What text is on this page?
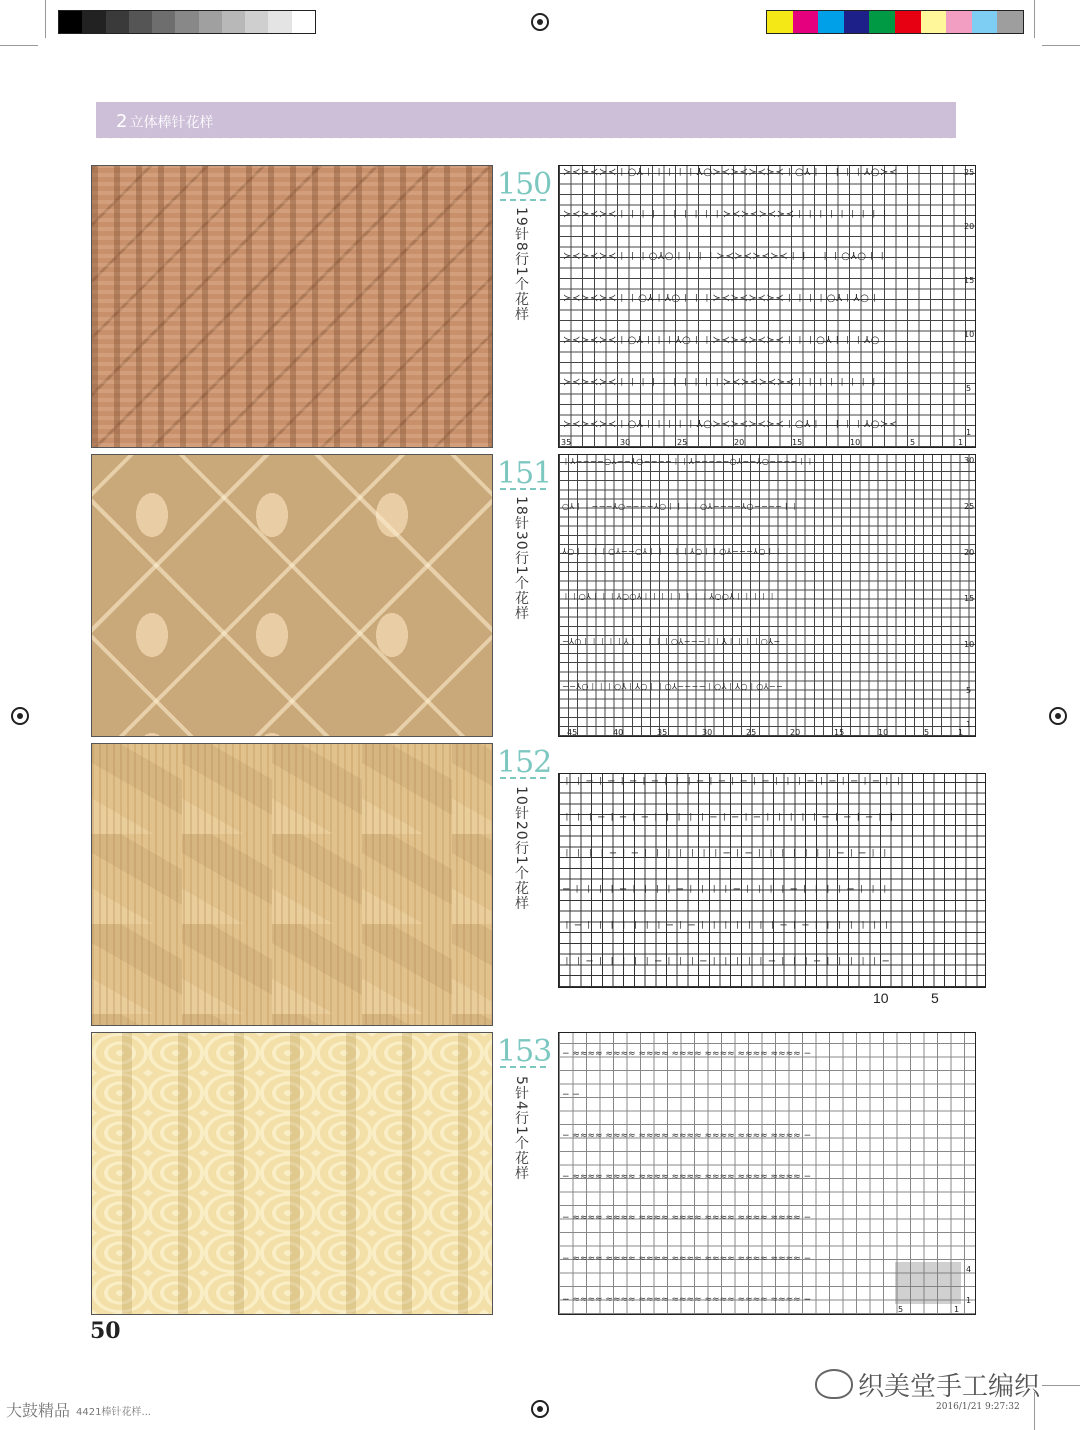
2 立体棒针花样
150
19针8行1个花样
≻≺≻≺≻≺丨○⅄丨丨丨丨丨⅄○≻≺≻≺≻≺≻≺丨○⅄丨丨丨丨丨⅄○≻≺
≻≺≻≺≻≺丨丨丨丨丨丨丨丨丨丨≻≺≻≺≻≺≻≺丨丨丨丨丨丨丨丨丨
≻≺≻≺≻≺丨丨丨○⅄○丨丨丨丨≻≺≻≺≻≺≻≺丨丨丨丨丨○⅄○丨丨
≻≺≻≺≻≺丨丨○⅄丨⅄○丨丨丨≻≺≻≺≻≺≻≺丨丨丨丨○⅄丨⅄○丨
≻≺≻≺≻≺丨○⅄丨丨丨⅄○丨丨≻≺≻≺≻≺≻≺丨丨丨○⅄丨丨丨⅄○
≻≺≻≺≻≺丨丨丨丨丨丨丨丨丨丨≻≺≻≺≻≺≻≺丨丨丨丨丨丨丨丨丨
≻≺≻≺≻≺丨○⅄丨丨丨丨丨⅄○≻≺≻≺≻≺≻≺丨○⅄丨丨丨丨丨⅄○≻≺
35	30	25	20	15	10	5	1
25
20
15
10
5
1
151
18针30行1个花样
丨⅄−−−−○⅄−−⅄○−−−−丨丨⅄−−−−−○⅄−−⅄○−−−−丨丨
○⅄丨丨−−−⅄○−−−−⅄○丨丨丨丨○⅄−−−−⅄○−−−−丨丨
⅄○丨丨丨丨○⅄−−○⅄丨丨丨丨丨⅄○丨丨○⅄−−−⅄○丨丨
丨丨○⅄丨丨丨⅄○○⅄丨丨丨丨丨丨丨丨⅄○○⅄丨丨丨丨丨
−⅄○丨丨丨丨丨⅄丨丨丨丨丨○⅄−−−丨丨⅄丨丨丨丨○⅄−
−−⅄○丨丨丨○⅄丨⅄○丨丨○⅄−−−−丨○⅄丨⅄○丨○⅄−−
45	40	35	30	25	20	15	10	5	1
30
25
20
15
10
5
1
152
10针20行1个花样
丨丨−丨−丨−丨−丨丨丨−丨−丨−丨−丨丨丨−丨−丨−丨−丨丨
丨丨丨−丨−丨−丨丨丨丨丨−丨−丨−丨丨丨丨丨−丨−丨−丨丨
丨丨丨丨−丨−丨丨丨丨丨丨丨−丨−丨丨丨丨丨丨丨−丨−丨丨
−丨丨丨丨−丨丨丨丨−丨丨丨丨−丨丨丨丨−丨丨丨丨−丨丨丨
丨−丨丨丨丨丨丨丨−丨−丨丨丨丨丨丨丨−丨−丨丨丨丨丨丨丨
丨丨−丨丨丨丨丨−丨丨丨−丨丨丨丨丨−丨丨丨−丨丨丨丨丨−
10	5
153
5针4行1个花样
− ≈≈≈≈ ≈≈≈≈ ≈≈≈≈ ≈≈≈≈ ≈≈≈≈ ≈≈≈≈ ≈≈≈≈ −
− −
− ≈≈≈≈ ≈≈≈≈ ≈≈≈≈ ≈≈≈≈ ≈≈≈≈ ≈≈≈≈ ≈≈≈≈ −
− ≈≈≈≈ ≈≈≈≈ ≈≈≈≈ ≈≈≈≈ ≈≈≈≈ ≈≈≈≈ ≈≈≈≈ −
− ≈≈≈≈ ≈≈≈≈ ≈≈≈≈ ≈≈≈≈ ≈≈≈≈ ≈≈≈≈ ≈≈≈≈ −
− ≈≈≈≈ ≈≈≈≈ ≈≈≈≈ ≈≈≈≈ ≈≈≈≈ ≈≈≈≈ ≈≈≈≈ −
− ≈≈≈≈ ≈≈≈≈ ≈≈≈≈ ≈≈≈≈ ≈≈≈≈ ≈≈≈≈ ≈≈≈≈ −
5	1
4
1
50
大鼓精品 4421棒针花样...	2016/1/21 9:27:32
织美堂手工编织
